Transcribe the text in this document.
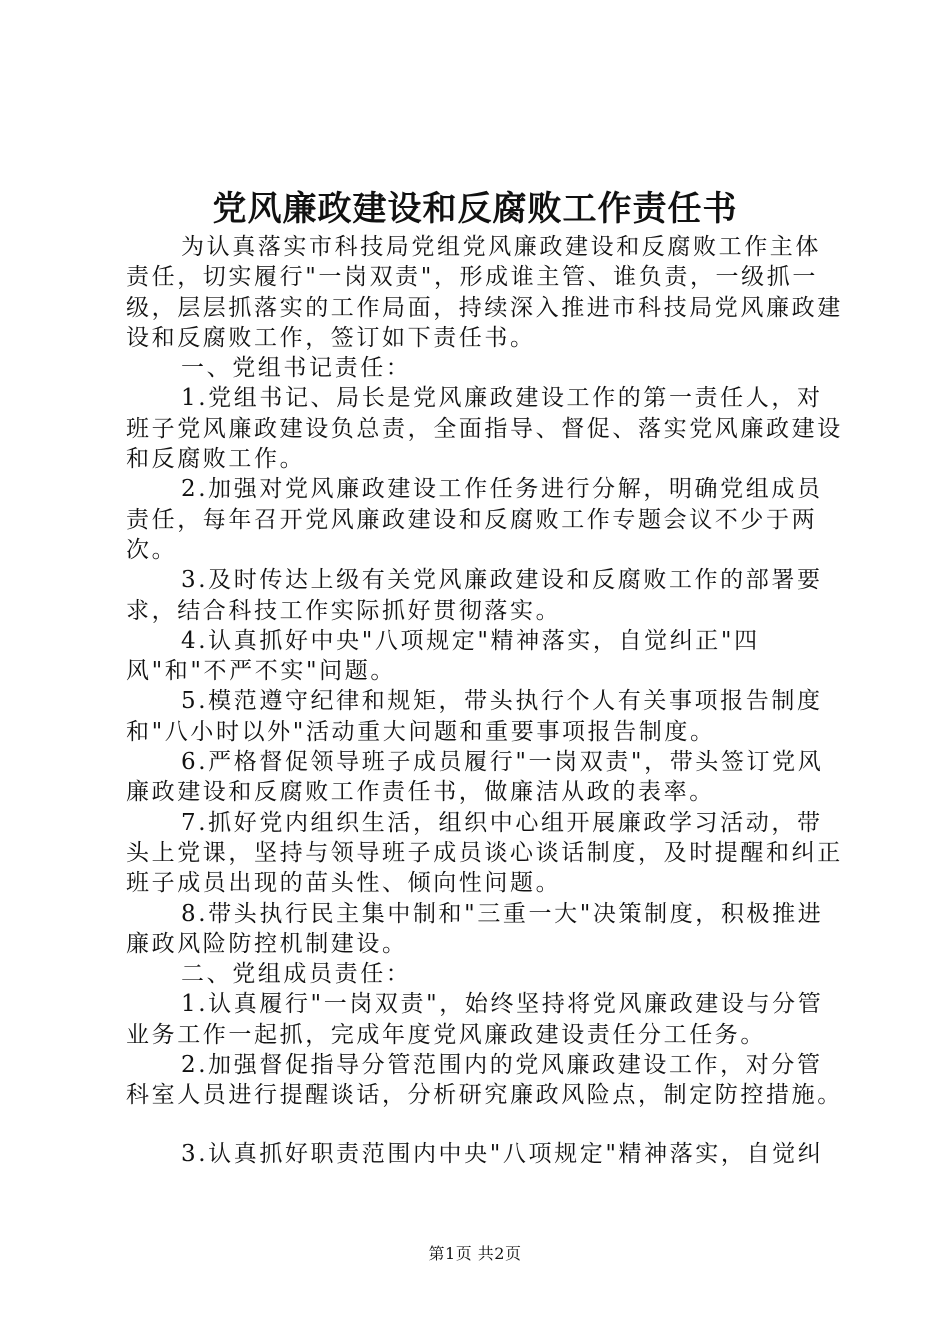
党风廉政建设和反腐败工作责任书

为认真落实市科技局党组党风廉政建设和反腐败工作主体责任，切实履行"一岗双责"，形成谁主管、谁负责，一级抓一级，层层抓落实的工作局面，持续深入推进市科技局党风廉政建设和反腐败工作，签订如下责任书。

一、党组书记责任：

1.党组书记、局长是党风廉政建设工作的第一责任人，对班子党风廉政建设负总责，全面指导、督促、落实党风廉政建设和反腐败工作。

2.加强对党风廉政建设工作任务进行分解，明确党组成员责任，每年召开党风廉政建设和反腐败工作专题会议不少于两次。

3.及时传达上级有关党风廉政建设和反腐败工作的部署要求，结合科技工作实际抓好贯彻落实。

4.认真抓好中央"八项规定"精神落实，自觉纠正"四风"和"不严不实"问题。

5.模范遵守纪律和规矩，带头执行个人有关事项报告制度和"八小时以外"活动重大问题和重要事项报告制度。

6.严格督促领导班子成员履行"一岗双责"，带头签订党风廉政建设和反腐败工作责任书，做廉洁从政的表率。

7.抓好党内组织生活，组织中心组开展廉政学习活动，带头上党课，坚持与领导班子成员谈心谈话制度，及时提醒和纠正班子成员出现的苗头性、倾向性问题。

8.带头执行民主集中制和"三重一大"决策制度，积极推进廉政风险防控机制建设。

二、党组成员责任：

1.认真履行"一岗双责"，始终坚持将党风廉政建设与分管业务工作一起抓，完成年度党风廉政建设责任分工任务。

2.加强督促指导分管范围内的党风廉政建设工作，对分管科室人员进行提醒谈话，分析研究廉政风险点，制定防控措施。

3.认真抓好职责范围内中央"八项规定"精神落实，自觉纠

第1页 共2页
